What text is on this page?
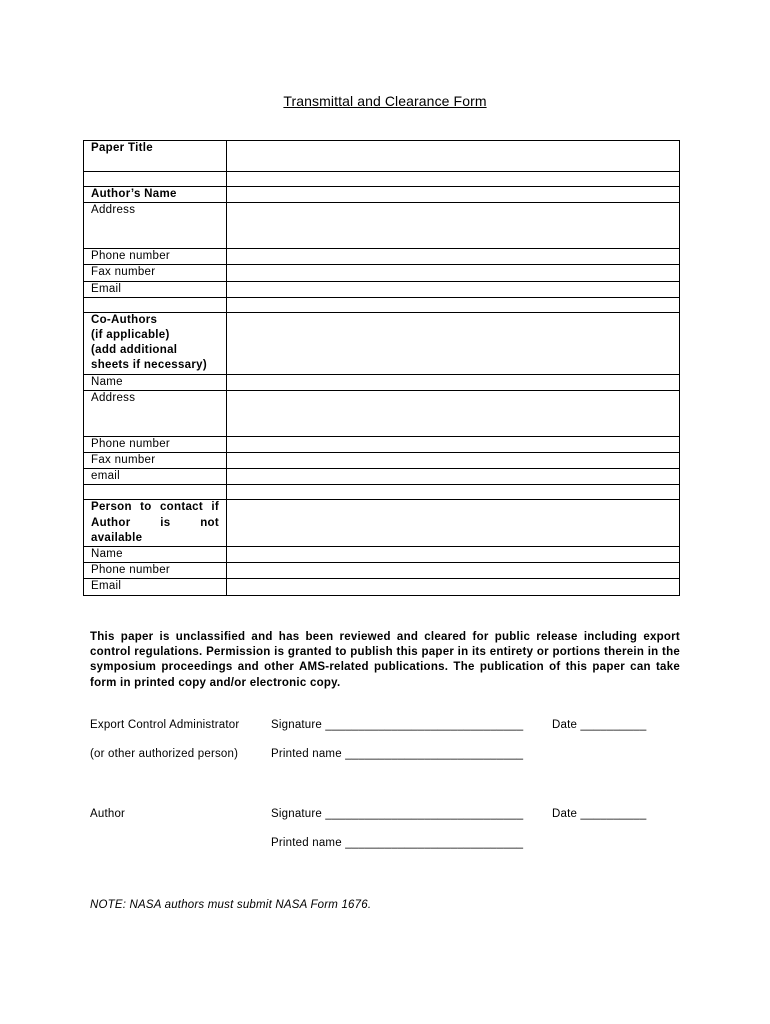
Transmittal and Clearance Form
Paper Title	

Author’s Name	
Address	
Phone number	
Fax number	
Email	

Co-Authors
(if applicable)
(add additional
sheets if necessary)	

Name	
Address	
Phone number	
Fax number	
email	

Person to contact if
Author is not
available	

Name	
Phone number	
Email	
This paper is unclassified and has been reviewed and cleared for public release including export control regulations. Permission is granted to publish this paper in its entirety or portions therein in the symposium proceedings and other AMS-related publications. The publication of this paper can take form in printed copy and/or electronic copy.
Export Control Administrator	Signature ______________________________ Date __________
(or other authorized person)	Printed name ___________________________
Author	Signature ______________________________ Date __________
Printed name ___________________________
NOTE: NASA authors must submit NASA Form 1676.
